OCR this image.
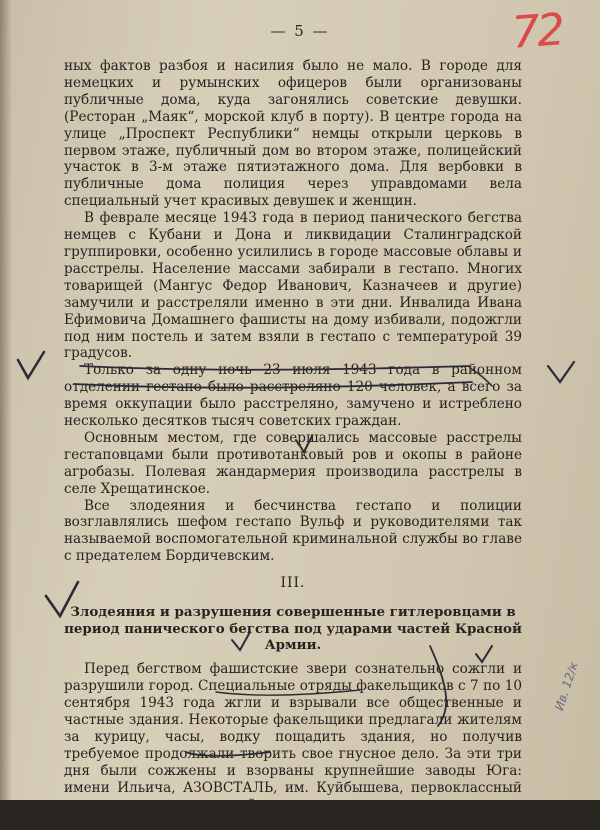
— 5 —	72

ных фактов разбоя и насилия было не мало. В городе для немецких и румынских офицеров были организованы публичные дома, куда загонялись советские девушки. (Ресторан „Маяк“, морской клуб в порту). В центре города на улице „Проспект Республики“ немцы открыли церковь в первом этаже, публичный дом во втором этаже, полицейский участок в 3-м этаже пятиэтажного дома. Для вербовки в публичные дома полиция через управдомами вела специальный учет красивых девушек и женщин.

В феврале месяце 1943 года в период панического бегства немцев с Кубани и Дона и ликвидации Сталинградской группировки, особенно усилились в городе массовые облавы и расстрелы. Население массами забирали в гестапо. Многих товарищей (Мангус Федор Иванович, Казначеев и другие) замучили и расстреляли именно в эти дни. Инвалида Ивана Ефимовича Домашнего фашисты на дому избивали, подожгли под ним постель и затем взяли в гестапо с температурой 39 градусов.

Только за одну ночь 23 июля 1943 года в районном отделении гестапо было расстреляно 120 человек, а всего за время оккупации было расстреляно, замучено и истреблено несколько десятков тысяч советских граждан.

Основным местом, где совершались массовые расстрелы гестаповцами были противотанковый ров и окопы в районе агробазы. Полевая жандармерия производила расстрелы в селе Хрещатинское.

Все злодеяния и бесчинства гестапо и полиции возглавлялись шефом гестапо Вульф и руководителями так называемой воспомогательной криминальной службы во главе с предателем Бордичевским.

III.
Злодеяния и разрушения совершенные гитлеровцами в период панического бегства под ударами частей Красной Армии.

Перед бегством фашистские звери сознательно сожгли и разрушили город. Специальные отряды факельщиков с 7 по 10 сентября 1943 года жгли и взрывали все общественные и частные здания. Некоторые факельщики предлагали жителям за курицу, часы, водку пощадить здания, но получив требуемое продолжали творить свое гнусное дело. За эти три дня были сожжены и взорваны крупнейшие заводы Юга: имени Ильича, АЗОВСТАЛЬ, им. Куйбышева, первоклассный порт, все заводы местной промышленности, электростанции, трампарк, вокзал, здания горсовета, гор-

Ив. 12/к
